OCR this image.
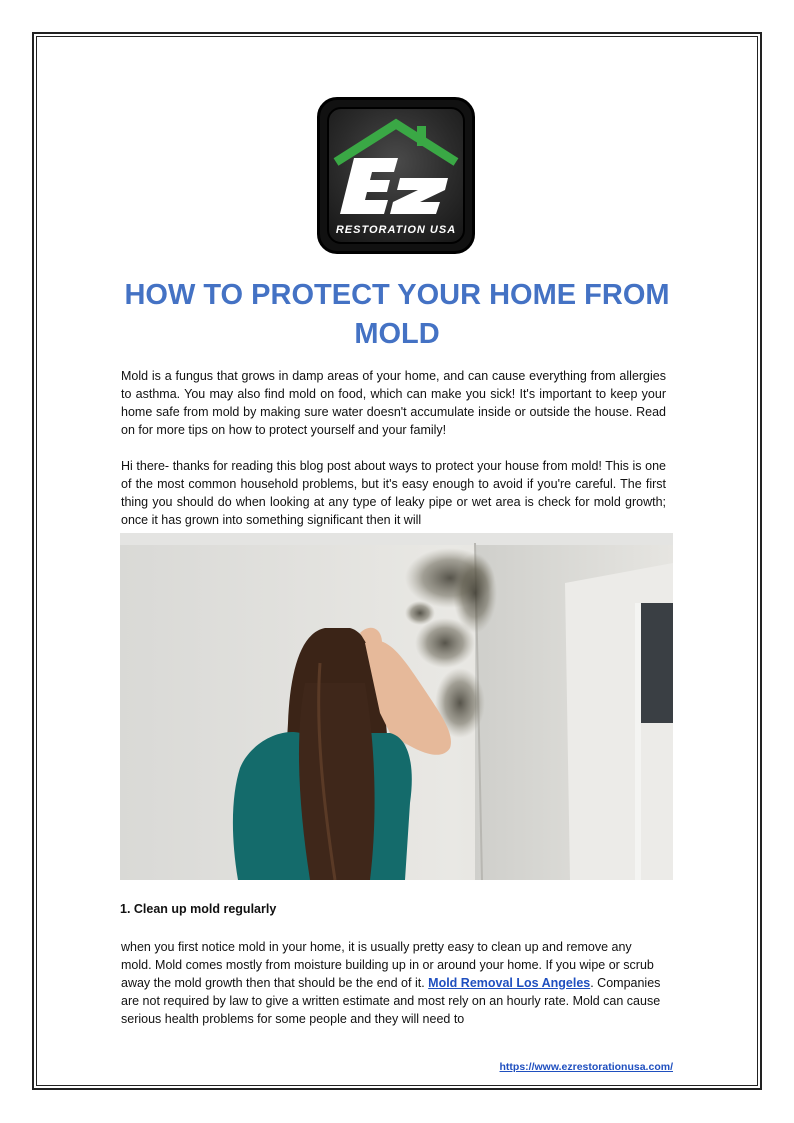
RESTORATION USA
HOW TO PROTECT YOUR HOME FROM MOLD

Mold is a fungus that grows in damp areas of your home, and can cause everything from allergies to asthma. You may also find mold on food, which can make you sick! It's important to keep your home safe from mold by making sure water doesn't accumulate inside or outside the house. Read on for more tips on how to protect yourself and your family!

Hi there- thanks for reading this blog post about ways to protect your house from mold! This is one of the most common household problems, but it's easy enough to avoid if you're careful. The first thing you should do when looking at any type of leaky pipe or wet area is check for mold growth; once it has grown into something significant then it will

1. Clean up mold regularly

when you first notice mold in your home, it is usually pretty easy to clean up and remove any mold. Mold comes mostly from moisture building up in or around your home. If you wipe or scrub away the mold growth then that should be the end of it. Mold Removal Los Angeles. Companies are not required by law to give a written estimate and most rely on an hourly rate. Mold can cause serious health problems for some people and they will need to

https://www.ezrestorationusa.com/
